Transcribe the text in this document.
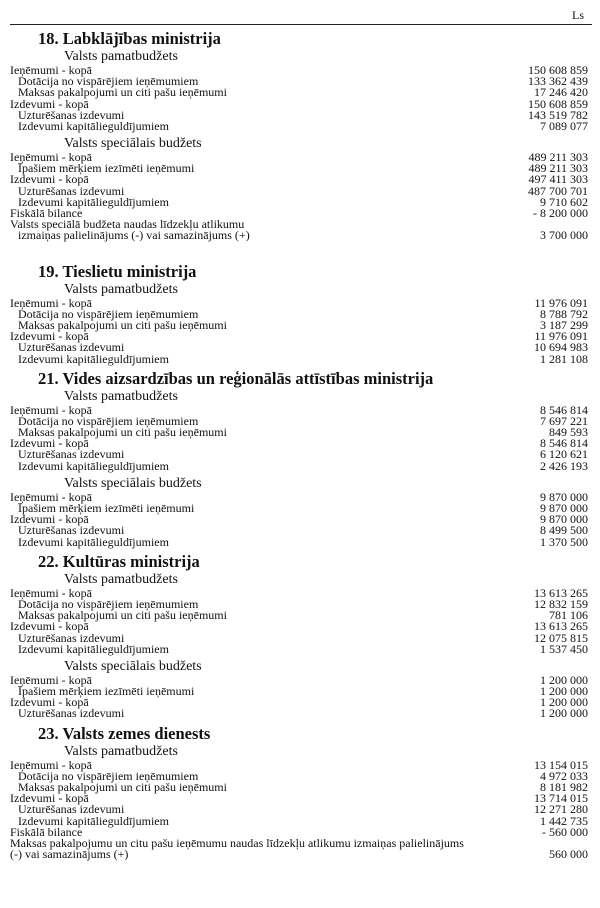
Ls
18. Labklājības ministrija
Valsts pamatbudžets
Ieņēmumi - kopā	150 608 859
Dotācija no vispārējiem ieņēmumiem	133 362 439
Maksas pakalpojumi un citi pašu ieņēmumi	17 246 420
Izdevumi - kopā	150 608 859
Uzturēšanas izdevumi	143 519 782
Izdevumi kapitālieguldījumiem	7 089 077
Valsts speciālais budžets
Ieņēmumi - kopā	489 211 303
Īpašiem mērķiem iezīmēti ieņēmumi	489 211 303
Izdevumi - kopā	497 411 303
Uzturēšanas izdevumi	487 700 701
Izdevumi kapitālieguldījumiem	9 710 602
Fiskālā bilance	- 8 200 000
Valsts speciālā budžeta naudas līdzekļu atlikumu
izmaiņas palielinājums (-) vai samazinājums (+)	3 700 000
19. Tieslietu ministrija
Valsts pamatbudžets
Ieņēmumi - kopā	11 976 091
Dotācija no vispārējiem ieņēmumiem	8 788 792
Maksas pakalpojumi un citi pašu ieņēmumi	3 187 299
Izdevumi - kopā	11 976 091
Uzturēšanas izdevumi	10 694 983
Izdevumi kapitālieguldījumiem	1 281 108
21. Vides aizsardzības un reģionālās attīstības ministrija
Valsts pamatbudžets
Ieņēmumi - kopā	8 546 814
Dotācija no vispārējiem ieņēmumiem	7 697 221
Maksas pakalpojumi un citi pašu ieņēmumi	849 593
Izdevumi - kopā	8 546 814
Uzturēšanas izdevumi	6 120 621
Izdevumi kapitālieguldījumiem	2 426 193
Valsts speciālais budžets
Ieņēmumi - kopā	9 870 000
Īpašiem mērķiem iezīmēti ieņēmumi	9 870 000
Izdevumi - kopā	9 870 000
Uzturēšanas izdevumi	8 499 500
Izdevumi kapitālieguldījumiem	1 370 500
22. Kultūras ministrija
Valsts pamatbudžets
Ieņēmumi - kopā	13 613 265
Dotācija no vispārējiem ieņēmumiem	12 832 159
Maksas pakalpojumi un citi pašu ieņēmumi	781 106
Izdevumi - kopā	13 613 265
Uzturēšanas izdevumi	12 075 815
Izdevumi kapitālieguldījumiem	1 537 450
Valsts speciālais budžets
Ieņēmumi - kopā	1 200 000
Īpašiem mērķiem iezīmēti ieņēmumi	1 200 000
Izdevumi - kopā	1 200 000
Uzturēšanas izdevumi	1 200 000
23. Valsts zemes dienests
Valsts pamatbudžets
Ieņēmumi - kopā	13 154 015
Dotācija no vispārējiem ieņēmumiem	4 972 033
Maksas pakalpojumi un citi pašu ieņēmumi	8 181 982
Izdevumi - kopā	13 714 015
Uzturēšanas izdevumi	12 271 280
Izdevumi kapitālieguldījumiem	1 442 735
Fiskālā bilance	- 560 000
Maksas pakalpojumu un citu pašu ieņēmumu naudas līdzekļu atlikumu izmaiņas palielinājums (-) vai samazinājums (+)	560 000
